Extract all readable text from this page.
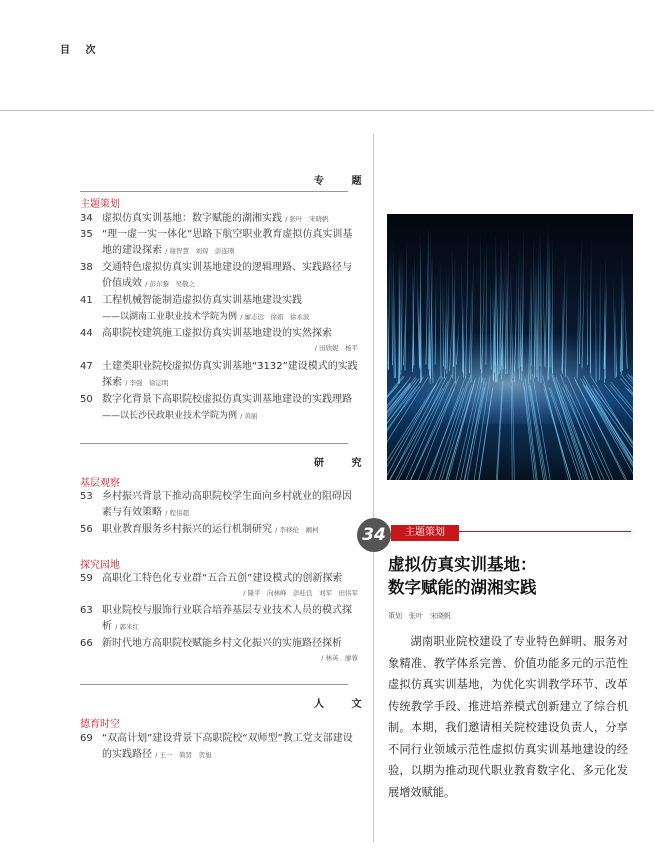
目 次
专 题
主题策划
34 虚拟仿真实训基地：数字赋能的湖湘实践 / 张叶　宋晓帆
35 “理一虚一实一体化”思路下航空职业教育虚拟仿真实训基地的建设探索 / 谢智慧　刘琼　彭连刚
38 交通特色虚拟仿真实训基地建设的逻辑理路、实践路径与价值成效 / 彭东黎　吴敬之
41 工程机械智能制造虚拟仿真实训基地建设实践
——以湖南工业职业技术学院为例 / 廖志远　徐娟　徐永波
44 高职院校建筑施工虚拟仿真实训基地建设的实然探索
/ 田欣妮　杨平
47 土建类职业院校虚拟仿真实训基地“3132”建设模式的实践探索 / 李强　徐运明
50 数字化背景下高职院校虚拟仿真实训基地建设的实践理路
——以长沙民政职业技术学院为例 / 黄丽
研 究
基层观察
53 乡村振兴背景下推动高职院校学生面向乡村就业的阻碍因素与有效策略 / 程伟超
56 职业教育服务乡村振兴的运行机制研究 / 李移伦　阚柯
探究园地
59 高职化工特色化专业群“五合五创”建设模式的创新探索
/ 隆平　向林峰　彭桂良　刘军　田伟军
63 职业院校与服饰行业联合培养基层专业技术人员的模式探析 / 郭米红
66 新时代地方高职院校赋能乡村文化振兴的实施路径探析
/ 林英　廖蓉
人 文
德育时空
69 “双高计划”建设背景下高职院校“双师型”教工党支部建设的实践路径 / 王一　简贤　贺旭
34	主题策划
虚拟仿真实训基地：
数字赋能的湖湘实践
策划　张叶　宋晓帆
湖南职业院校建设了专业特色鲜明、服务对象精准、教学体系完善、价值功能多元的示范性虚拟仿真实训基地，为优化实训教学环节、改革传统教学手段、推进培养模式创新建立了综合机制。本期，我们邀请相关院校建设负责人，分享不同行业领域示范性虚拟仿真实训基地建设的经验，以期为推动现代职业教育数字化、多元化发展增效赋能。
